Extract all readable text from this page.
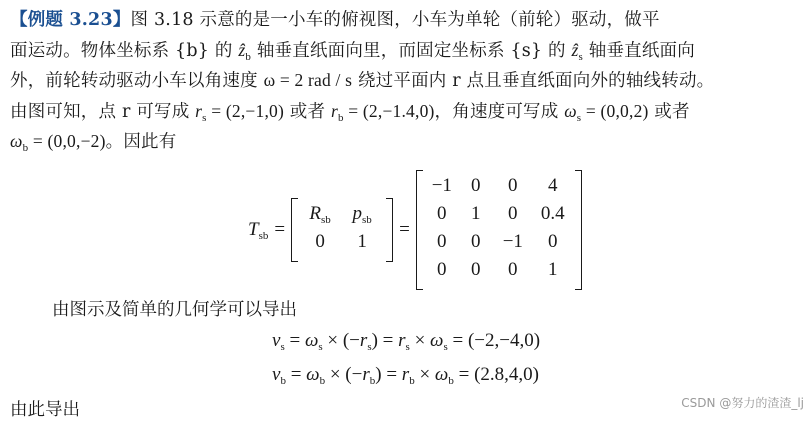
【例题 3.23】图 3.18 示意的是一小车的俯视图，小车为单轮（前轮）驱动，做平
面运动。物体坐标系 {b} 的 ẑ$_b$ 轴垂直纸面向里，而固定坐标系 {s} 的 ẑ$_s$ 轴垂直纸面向
外，前轮转动驱动小车以角速度 ω = 2 rad / s 绕过平面内 r 点且垂直纸面向外的轴线转动。
由图可知，点 r 可写成 $r_s = (2,-1,0)$ 或者 $r_b = (2,-1.4,0)$，角速度可写成 $\omega_s = (0,0,2)$ 或者
$\omega_b = (0,0,-2)$。因此有
$T_{sb}$ =
$R_{sb}$	$p_{sb}$
0	1
=
−1	0	0	4
0	1	0	0.4
0	0	−1	0
0	0	0	1
由图示及简单的几何学可以导出
$v_s = \omega_s \times (-r_s) = r_s \times \omega_s = (-2,-4,0)$
$v_b = \omega_b \times (-r_b) = r_b \times \omega_b = (2.8,4,0)$
由此导出	CSDN @努力的渣渣_lj
